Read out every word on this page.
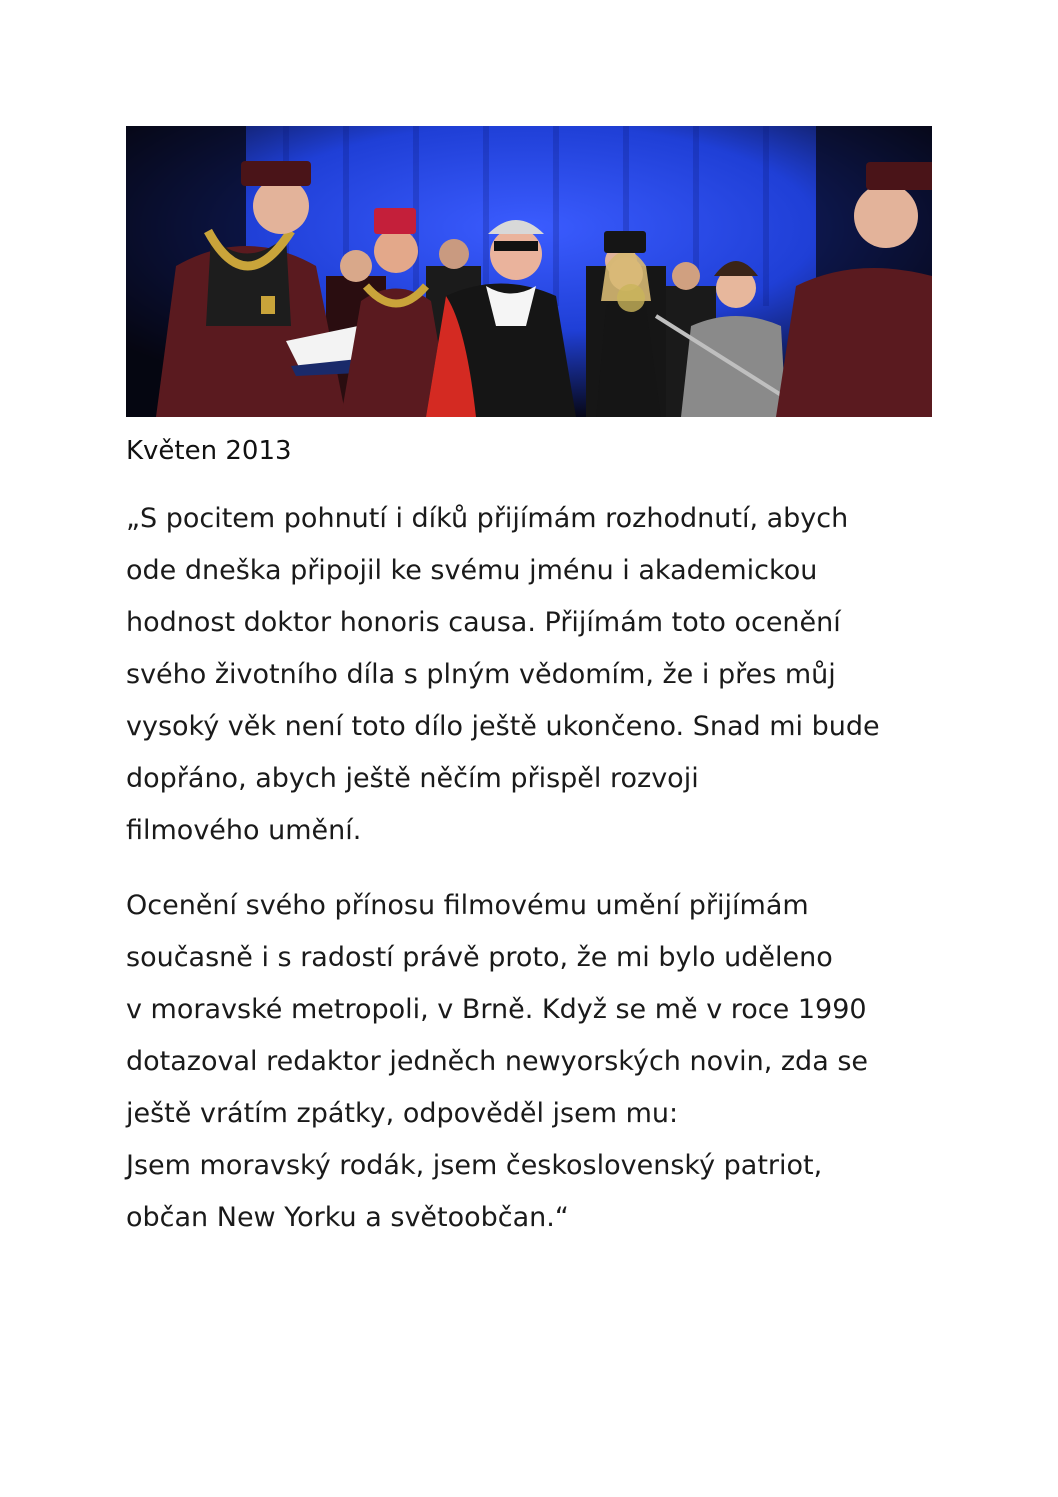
Květen 2013
„S pocitem pohnutí i díků přijímám rozhodnutí, abych
ode dneška připojil ke svému jménu i akademickou
hodnost doktor honoris causa. Přijímám toto ocenění
svého životního díla s plným vědomím, že i přes můj
vysoký věk není toto dílo ještě ukončeno. Snad mi bude
dopřáno, abych ještě něčím přispěl rozvoji
filmového umění.
Ocenění svého přínosu filmovému umění přijímám
současně i s radostí právě proto, že mi bylo uděleno
v moravské metropoli, v Brně. Když se mě v roce 1990
dotazoval redaktor jedněch newyorských novin, zda se
ještě vrátím zpátky, odpověděl jsem mu:
Jsem moravský rodák, jsem československý patriot,
občan New Yorku a světoobčan.“
